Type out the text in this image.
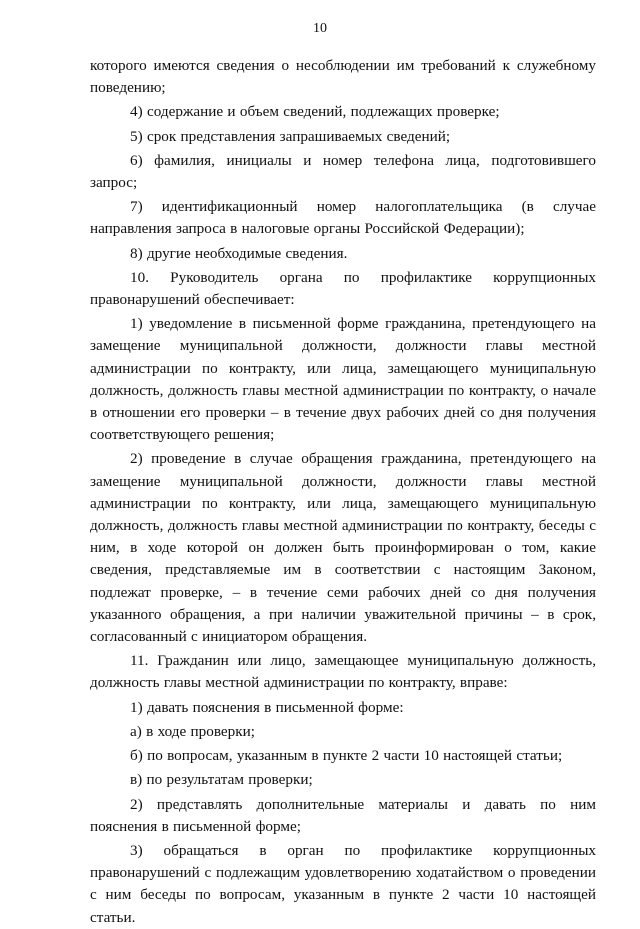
10

которого имеются сведения о несоблюдении им требований к служебному поведению;

4) содержание и объем сведений, подлежащих проверке;

5) срок представления запрашиваемых сведений;

6) фамилия, инициалы и номер телефона лица, подготовившего запрос;

7) идентификационный номер налогоплательщика (в случае направления запроса в налоговые органы Российской Федерации);

8) другие необходимые сведения.

10. Руководитель органа по профилактике коррупционных правонарушений обеспечивает:

1) уведомление в письменной форме гражданина, претендующего на замещение муниципальной должности, должности главы местной администрации по контракту, или лица, замещающего муниципальную должность, должность главы местной администрации по контракту, о начале в отношении его проверки – в течение двух рабочих дней со дня получения соответствующего решения;

2) проведение в случае обращения гражданина, претендующего на замещение муниципальной должности, должности главы местной администрации по контракту, или лица, замещающего муниципальную должность, должность главы местной администрации по контракту, беседы с ним, в ходе которой он должен быть проинформирован о том, какие сведения, представляемые им в соответствии с настоящим Законом, подлежат проверке, – в течение семи рабочих дней со дня получения указанного обращения, а при наличии уважительной причины – в срок, согласованный с инициатором обращения.

11. Гражданин или лицо, замещающее муниципальную должность, должность главы местной администрации по контракту, вправе:

1) давать пояснения в письменной форме:

а) в ходе проверки;

б) по вопросам, указанным в пункте 2 части 10 настоящей статьи;

в) по результатам проверки;

2) представлять дополнительные материалы и давать по ним пояснения в письменной форме;

3) обращаться в орган по профилактике коррупционных правонарушений с подлежащим удовлетворению ходатайством о проведении с ним беседы по вопросам, указанным в пункте 2 части 10 настоящей статьи.
